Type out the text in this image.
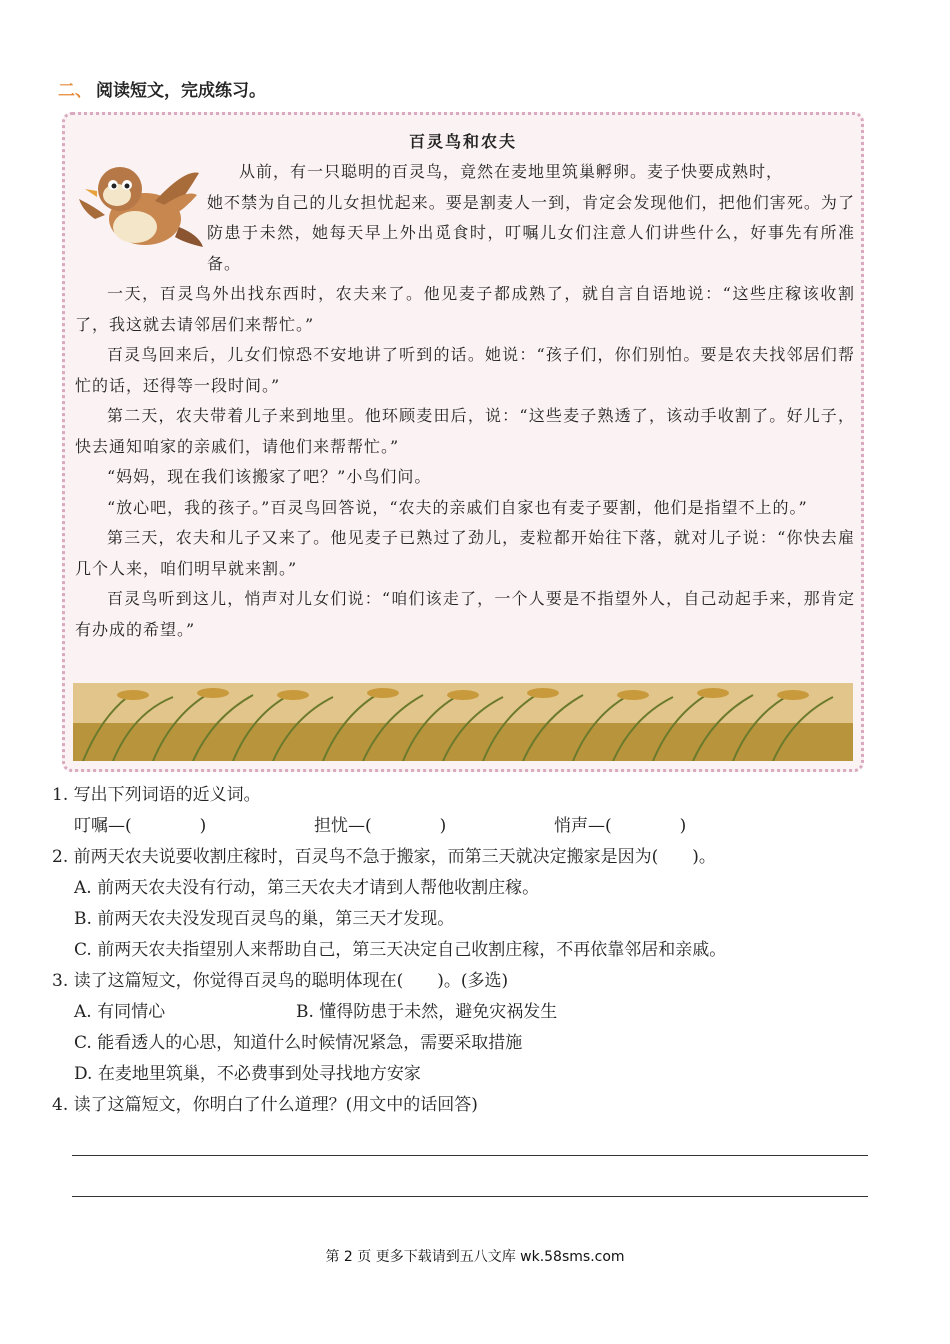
二、 阅读短文，完成练习。
百灵鸟和农夫

从前，有一只聪明的百灵鸟，竟然在麦地里筑巢孵卵。麦子快要成熟时，

她不禁为自己的儿女担忧起来。要是割麦人一到，肯定会发现他们，把他们害死。为了防患于未然，她每天早上外出觅食时，叮嘱儿女们注意人们讲些什么，好事先有所准备。

一天，百灵鸟外出找东西时，农夫来了。他见麦子都成熟了，就自言自语地说：“这些庄稼该收割了，我这就去请邻居们来帮忙。”

百灵鸟回来后，儿女们惊恐不安地讲了听到的话。她说：“孩子们，你们别怕。要是农夫找邻居们帮忙的话，还得等一段时间。”

第二天，农夫带着儿子来到地里。他环顾麦田后，说：“这些麦子熟透了，该动手收割了。好儿子，快去通知咱家的亲戚们，请他们来帮帮忙。”

“妈妈，现在我们该搬家了吧？”小鸟们问。

“放心吧，我的孩子。”百灵鸟回答说，“农夫的亲戚们自家也有麦子要割，他们是指望不上的。”

第三天，农夫和儿子又来了。他见麦子已熟过了劲儿，麦粒都开始往下落，就对儿子说：“你快去雇几个人来，咱们明早就来割。”

百灵鸟听到这儿，悄声对儿女们说：“咱们该走了，一个人要是不指望外人，自己动起手来，那肯定有办成的希望。”

1. 写出下列词语的近义词。

叮嘱—(　　　　)	担忧—(　　　　)	悄声—(　　　　)

2. 前两天农夫说要收割庄稼时，百灵鸟不急于搬家，而第三天就决定搬家是因为(　　)。

A. 前两天农夫没有行动，第三天农夫才请到人帮他收割庄稼。

B. 前两天农夫没发现百灵鸟的巢，第三天才发现。

C. 前两天农夫指望别人来帮助自己，第三天决定自己收割庄稼，不再依靠邻居和亲戚。

3. 读了这篇短文，你觉得百灵鸟的聪明体现在(　　)。(多选)

A. 有同情心	B. 懂得防患于未然，避免灾祸发生

C. 能看透人的心思，知道什么时候情况紧急，需要采取措施

D. 在麦地里筑巢，不必费事到处寻找地方安家

4. 读了这篇短文，你明白了什么道理？(用文中的话回答)

第 2 页 更多下载请到五八文库 wk.58sms.com
